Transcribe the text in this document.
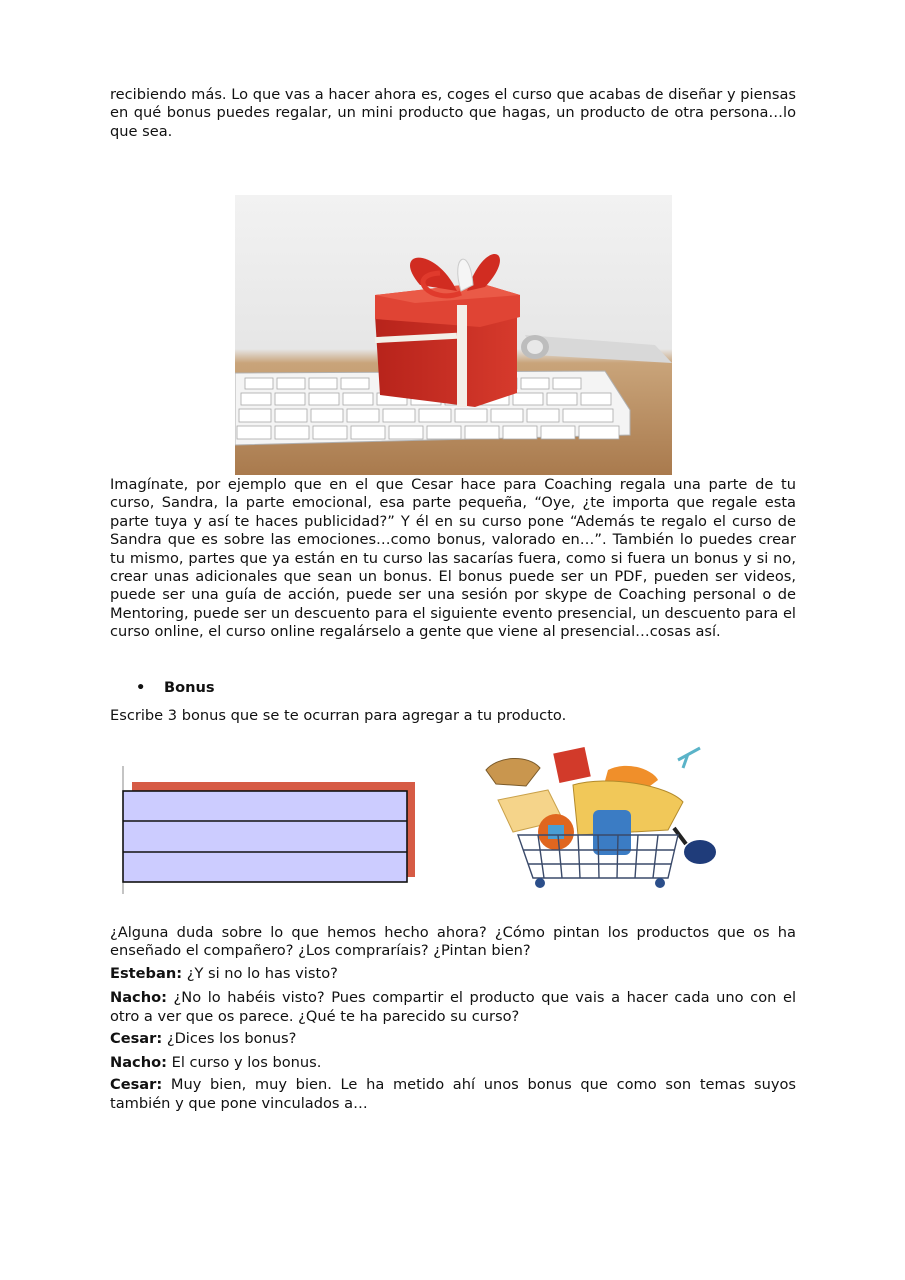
recibiendo más. Lo que vas a hacer ahora es, coges el curso que acabas de diseñar y piensas en qué bonus puedes regalar, un mini producto que hagas, un producto de otra persona…lo que sea.

Imagínate, por ejemplo que en el que Cesar hace para Coaching regala una parte de tu curso, Sandra, la parte emocional, esa parte pequeña, “Oye, ¿te importa que regale esta parte tuya y así te haces publicidad?” Y él en su curso pone “Además te regalo el curso de Sandra que es sobre las emociones…como bonus, valorado en…”. También lo puedes crear tu mismo, partes que ya están en tu curso las sacarías fuera, como si fuera un bonus y si no, crear unas adicionales que sean un bonus. El bonus puede ser un PDF, pueden ser videos, puede ser una guía de acción, puede ser una sesión por skype de Coaching personal o de Mentoring, puede ser un descuento para el siguiente evento presencial, un descuento para el curso online, el curso online regalárselo a gente que viene al presencial…cosas así.

• Bonus

Escribe 3 bonus que se te ocurran para agregar a tu producto.

¿Alguna duda sobre lo que hemos hecho ahora? ¿Cómo pintan los productos que os ha enseñado el compañero? ¿Los compraríais? ¿Pintan bien?

Esteban: ¿Y si no lo has visto?

Nacho: ¿No lo habéis visto? Pues compartir el producto que vais a hacer cada uno con el otro a ver que os parece. ¿Qué te ha parecido su curso?

Cesar: ¿Dices los bonus?

Nacho: El curso y los bonus.

Cesar: Muy bien, muy bien. Le ha metido ahí unos bonus que como son temas suyos también y que pone vinculados a…
